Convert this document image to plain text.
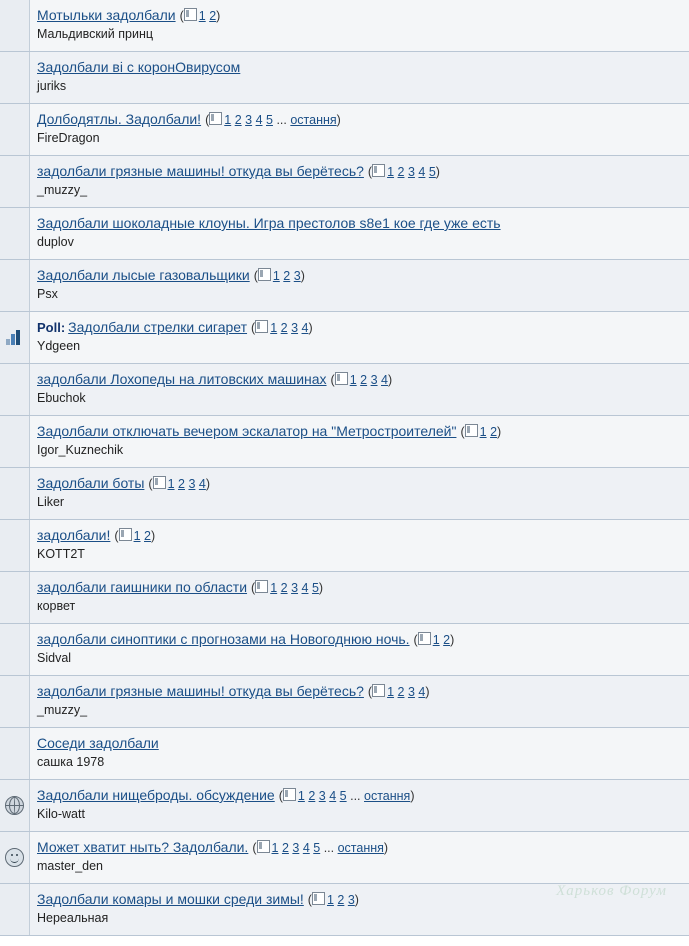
Мотыльки задолбали ( 1 2)
Мальдивский принц
Задолбали ві с коронОвирусом
juriks
Долбодятлы. Задолбали! ( 1 2 3 4 5 ... остання)
FireDragon
задолбали грязные машины! откуда вы берётесь? ( 1 2 3 4 5)
_muzzy_
Задолбали шоколадные клоуны. Игра престолов s8e1 кое где уже есть
duplov
Задолбали лысые газовальщики ( 1 2 3)
Psx
Poll: Задолбали стрелки сигарет ( 1 2 3 4)
Ydgeen
задолбали Лохопеды на литовских машинах ( 1 2 3 4)
Ebuchok
Задолбали отключать вечером эскалатор на "Метростроителей" ( 1 2)
Igor_Kuznechik
Задолбали боты ( 1 2 3 4)
Liker
задолбали! ( 1 2)
KOTT2T
задолбали гаишники по области ( 1 2 3 4 5)
корвет
задолбали синоптики с прогнозами на Новогоднюю ночь. ( 1 2)
Sidval
задолбали грязные машины! откуда вы берётесь? ( 1 2 3 4)
_muzzy_
Соседи задолбали
сашка 1978
Задолбали нищеброды. обсуждение ( 1 2 3 4 5 ... остання)
Kilo-watt
Может хватит ныть? Задолбали. ( 1 2 3 4 5 ... остання)
master_den
Задолбали комары и мошки среди зимы! ( 1 2 3)
Нереальная
Харьков Форум
